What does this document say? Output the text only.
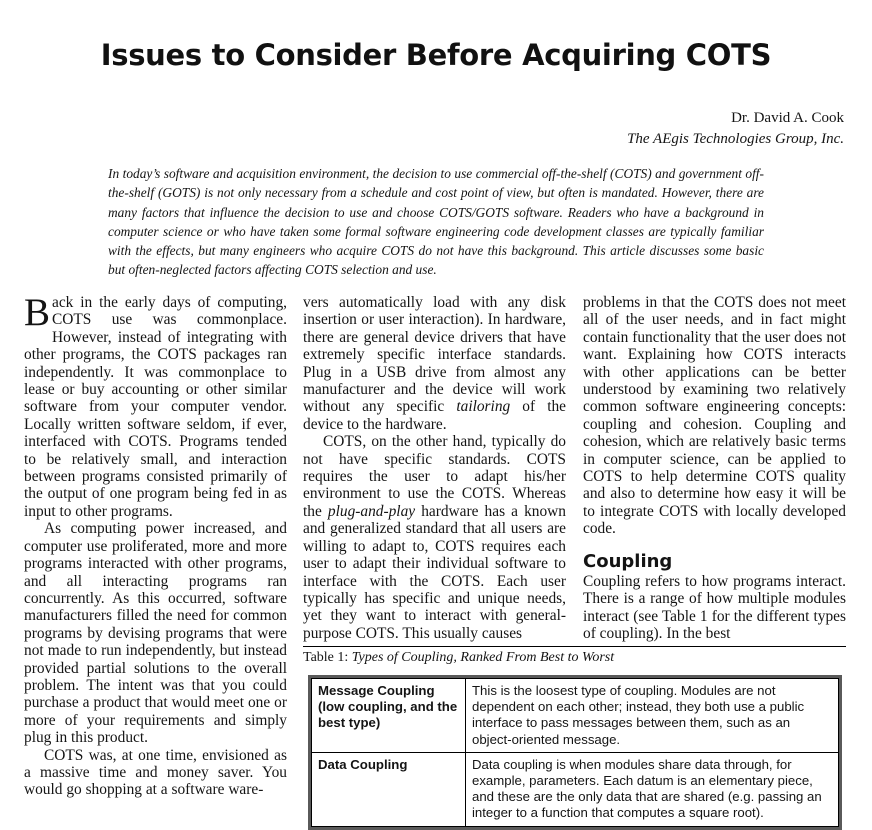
Issues to Consider Before Acquiring COTS
Dr. David A. Cook
The AEgis Technologies Group, Inc.

In today’s software and acquisition environment, the decision to use commercial off-the-shelf (COTS) and government off-the-shelf (GOTS) is not only necessary from a schedule and cost point of view, but often is mandated. However, there are many factors that influence the decision to use and choose COTS/GOTS software. Readers who have a background in computer science or who have taken some formal software engineering code development classes are typically familiar with the effects, but many engineers who acquire COTS do not have this background. This article discusses some basic but often-neglected factors affecting COTS selection and use.

Back in the early days of computing, COTS use was commonplace. However, instead of integrating with other programs, the COTS packages ran independently. It was commonplace to lease or buy accounting or other similar software from your computer vendor. Locally written software seldom, if ever, interfaced with COTS. Programs tended to be relatively small, and interaction between programs consisted primarily of the output of one program being fed in as input to other programs.

As computing power increased, and computer use proliferated, more and more programs interacted with other programs, and all interacting programs ran concurrently. As this occurred, software manufacturers filled the need for common programs by devising programs that were not made to run independently, but instead provided partial solutions to the overall problem. The intent was that you could purchase a product that would meet one or more of your requirements and simply plug in this product.

COTS was, at one time, envisioned as a massive time and money saver. You would go shopping at a software ware-

vers automatically load with any disk insertion or user interaction). In hardware, there are general device drivers that have extremely specific interface standards. Plug in a USB drive from almost any manufacturer and the device will work without any specific tailoring of the device to the hardware.

COTS, on the other hand, typically do not have specific standards. COTS requires the user to adapt his/her environment to use the COTS. Whereas the plug-and-play hardware has a known and generalized standard that all users are willing to adapt to, COTS requires each user to adapt their individual software to interface with the COTS. Each user typically has specific and unique needs, yet they want to interact with general-purpose COTS. This usually causes

problems in that the COTS does not meet all of the user needs, and in fact might contain functionality that the user does not want. Explaining how COTS interacts with other applications can be better understood by examining two relatively common software engineering concepts: coupling and cohesion. Coupling and cohesion, which are relatively basic terms in computer science, can be applied to COTS to help determine COTS quality and also to determine how easy it will be to integrate COTS with locally developed code.

Coupling

Coupling refers to how programs interact. There is a range of how multiple modules interact (see Table 1 for the different types of coupling). In the best

Table 1: Types of Coupling, Ranked From Best to Worst
Message Coupling (low coupling, and the best type)	This is the loosest type of coupling. Modules are not dependent on each other; instead, they both use a public interface to pass messages between them, such as an object-oriented message.
Data Coupling	Data coupling is when modules share data through, for example, parameters. Each datum is an elementary piece, and these are the only data that are shared (e.g. passing an integer to a function that computes a square root).
